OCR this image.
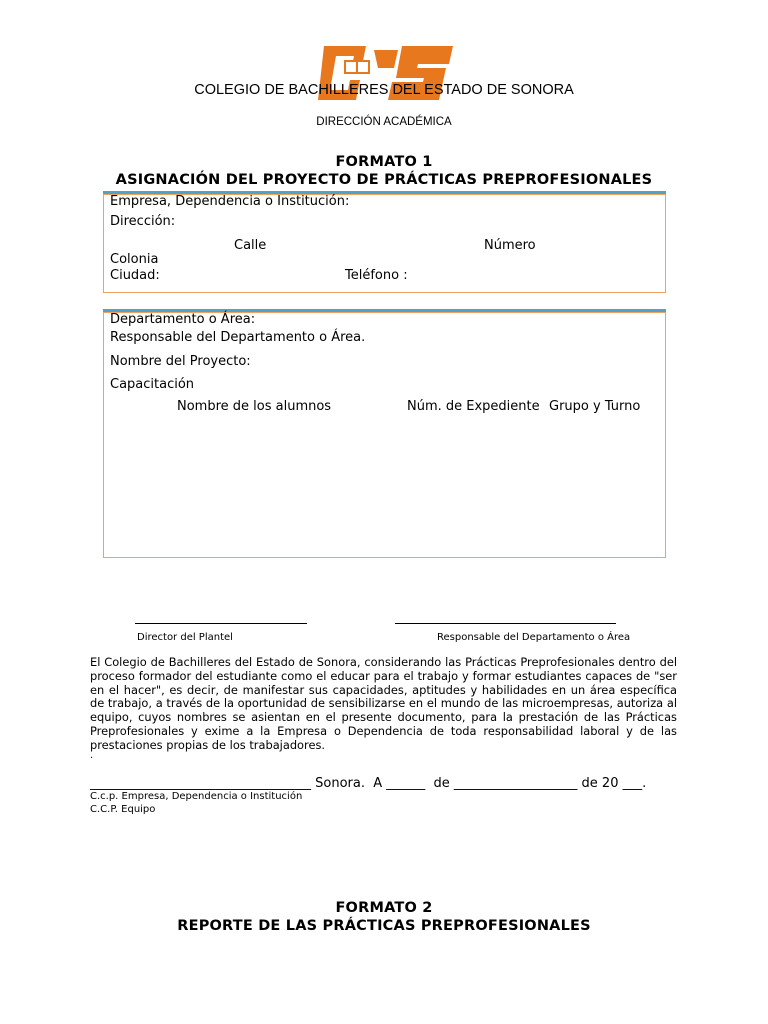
COLEGIO DE BACHILLERES DEL ESTADO DE SONORA
DIRECCIÓN ACADÉMICA
FORMATO 1
ASIGNACIÓN DEL PROYECTO DE PRÁCTICAS PREPROFESIONALES
Empresa, Dependencia o Institución:
Dirección:
Calle	Número
Colonia
Ciudad:	Teléfono :
Departamento o Área:
Responsable del Departamento o Área.
Nombre del Proyecto:
Capacitación
Nombre de los alumnos	Núm. de Expediente Grupo y Turno
Director del Plantel	Responsable del Departamento o Área
El Colegio de Bachilleres del Estado de Sonora, considerando las Prácticas Preprofesionales dentro del proceso formador del estudiante como el educar para el trabajo y formar estudiantes capaces de "ser en el hacer", es decir, de manifestar sus capacidades, aptitudes y habilidades en un área específica de trabajo, a través de la oportunidad de sensibilizarse en el mundo de las microempresas, autoriza al equipo, cuyos nombres se asientan en el presente documento, para la prestación de las Prácticas Preprofesionales y exime a la Empresa o Dependencia de toda responsabilidad laboral y de las prestaciones propias de los trabajadores.
.
__________________________________ Sonora.  A ______  de ___________________ de 20 ___.
C.c.p. Empresa, Dependencia o Institución
C.C.P. Equipo
FORMATO 2
REPORTE DE LAS PRÁCTICAS PREPROFESIONALES
